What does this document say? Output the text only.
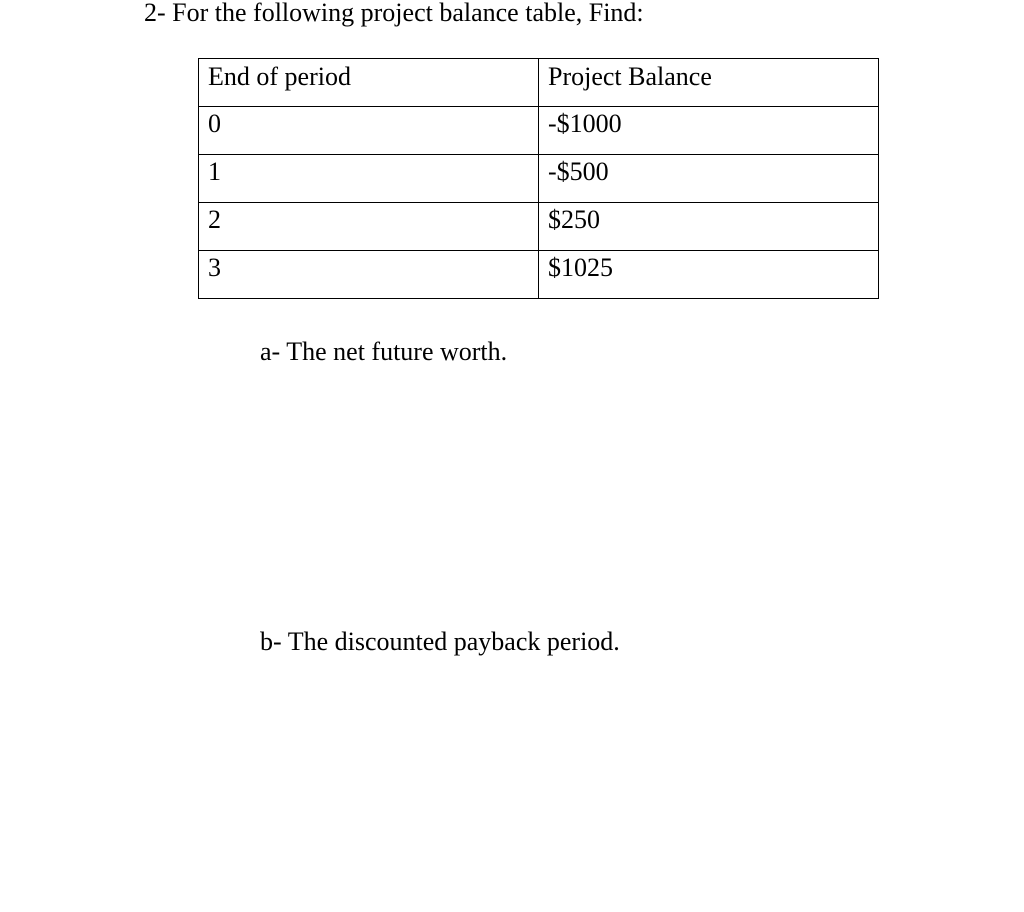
2- For the following project balance table, Find:
End of period	Project Balance
0	-$1000
1	-$500
2	$250
3	$1025
a- The net future worth.
b- The discounted payback period.
